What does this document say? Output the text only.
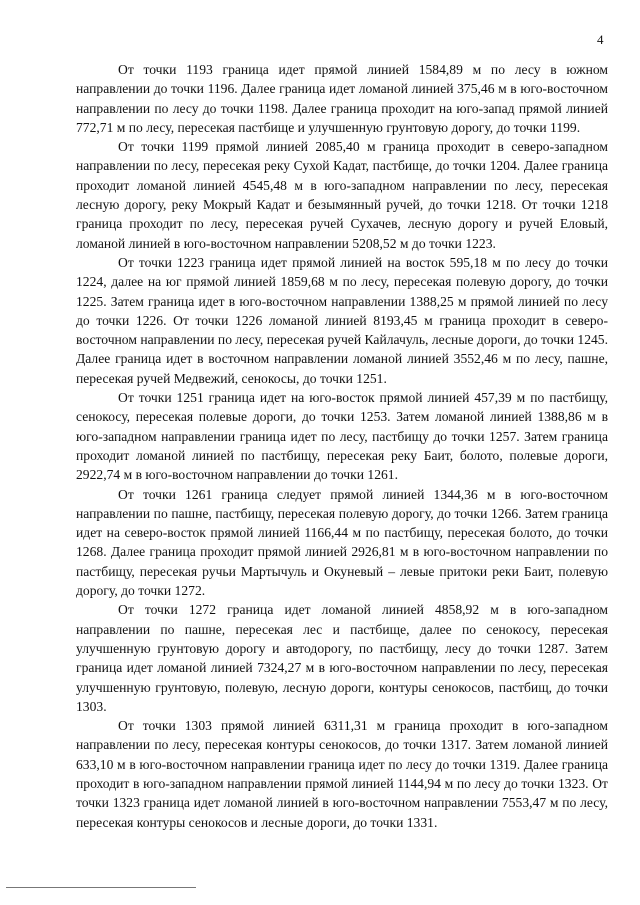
4

От точки 1193 граница идет прямой линией 1584,89 м по лесу в южном направлении до точки 1196. Далее граница идет ломаной линией 375,46 м в юго-восточном направлении по лесу до точки 1198. Далее граница проходит на юго-запад прямой линией 772,71 м по лесу, пересекая пастбище и улучшенную грунтовую дорогу, до точки 1199.

От точки 1199 прямой линией 2085,40 м граница проходит в северо-западном направлении по лесу, пересекая реку Сухой Кадат, пастбище, до точки 1204. Далее граница проходит ломаной линией 4545,48 м в юго-западном направлении по лесу, пересекая лесную дорогу, реку Мокрый Кадат и безымянный ручей, до точки 1218. От точки 1218 граница проходит по лесу, пересекая ручей Сухачев, лесную дорогу и ручей Еловый, ломаной линией в юго-восточном направлении 5208,52 м до точки 1223.

От точки 1223 граница идет прямой линией на восток 595,18 м по лесу до точки 1224, далее на юг прямой линией 1859,68 м по лесу, пересекая полевую дорогу, до точки 1225. Затем граница идет в юго-восточном направлении 1388,25 м прямой линией по лесу до точки 1226. От точки 1226 ломаной линией 8193,45 м граница проходит в северо-восточном направлении по лесу, пересекая ручей Кайлачуль, лесные дороги, до точки 1245. Далее граница идет в восточном направлении ломаной линией 3552,46 м по лесу, пашне, пересекая ручей Медвежий, сенокосы, до точки 1251.

От точки 1251 граница идет на юго-восток прямой линией 457,39 м по пастбищу, сенокосу, пересекая полевые дороги, до точки 1253. Затем ломаной линией 1388,86 м в юго-западном направлении граница идет по лесу, пастбищу до точки 1257. Затем граница проходит ломаной линией по пастбищу, пересекая реку Баит, болото, полевые дороги, 2922,74 м в юго-восточном направлении до точки 1261.

От точки 1261 граница следует прямой линией 1344,36 м в юго-восточном направлении по пашне, пастбищу, пересекая полевую дорогу, до точки 1266. Затем граница идет на северо-восток прямой линией 1166,44 м по пастбищу, пересекая болото, до точки 1268. Далее граница проходит прямой линией 2926,81 м в юго-восточном направлении по пастбищу, пересекая ручьи Мартычуль и Окуневый – левые притоки реки Баит, полевую дорогу, до точки 1272.

От точки 1272 граница идет ломаной линией 4858,92 м в юго-западном направлении по пашне, пересекая лес и пастбище, далее по сенокосу, пересекая улучшенную грунтовую дорогу и автодорогу, по пастбищу, лесу до точки 1287. Затем граница идет ломаной линией 7324,27 м в юго-восточном направлении по лесу, пересекая улучшенную грунтовую, полевую, лесную дороги, контуры сенокосов, пастбищ, до точки 1303.

От точки 1303 прямой линией 6311,31 м граница проходит в юго-западном направлении по лесу, пересекая контуры сенокосов, до точки 1317. Затем ломаной линией 633,10 м в юго-восточном направлении граница идет по лесу до точки 1319. Далее граница проходит в юго-западном направлении прямой линией 1144,94 м по лесу до точки 1323. От точки 1323 граница идет ломаной линией в юго-восточном направлении 7553,47 м по лесу, пересекая контуры сенокосов и лесные дороги, до точки 1331.
